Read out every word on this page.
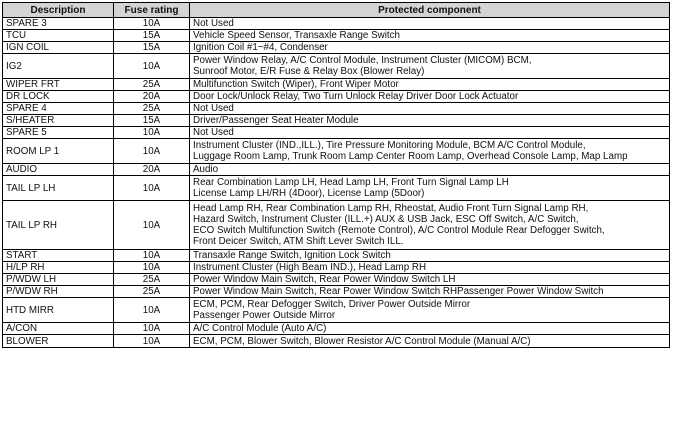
Description	Fuse rating	Protected component
SPARE 3	10A	Not Used
TCU	15A	Vehicle Speed Sensor, Transaxle Range Switch
IGN COIL	15A	Ignition Coil #1~#4, Condenser
IG2	10A	Power Window Relay, A/C Control Module, Instrument Cluster (MICOM) BCM,
Sunroof Motor, E/R Fuse & Relay Box (Blower Relay)
WIPER FRT	25A	Multifunction Switch (Wiper), Front Wiper Motor
DR LOCK	20A	Door Lock/Unlock Relay, Two Turn Unlock Relay Driver Door Lock Actuator
SPARE 4	25A	Not Used
S/HEATER	15A	Driver/Passenger Seat Heater Module
SPARE 5	10A	Not Used
ROOM LP 1	10A	Instrument Cluster (IND.,ILL.), Tire Pressure Monitoring Module, BCM A/C Control Module,
Luggage Room Lamp, Trunk Room Lamp Center Room Lamp, Overhead Console Lamp, Map Lamp
AUDIO	20A	Audio
TAIL LP LH	10A	Rear Combination Lamp LH, Head Lamp LH, Front Turn Signal Lamp LH
License Lamp LH/RH (4Door), License Lamp (5Door)
TAIL LP RH	10A	Head Lamp RH, Rear Combination Lamp RH, Rheostat, Audio Front Turn Signal Lamp RH,
Hazard Switch, Instrument Cluster (ILL.+) AUX & USB Jack, ESC Off Switch, A/C Switch,
ECO Switch Multifunction Switch (Remote Control), A/C Control Module Rear Defogger Switch,
Front Deicer Switch, ATM Shift Lever Switch ILL.
START	10A	Transaxle Range Switch, Ignition Lock Switch
H/LP RH	10A	Instrument Cluster (High Beam IND.), Head Lamp RH
P/WDW LH	25A	Power Window Main Switch, Rear Power Window Switch LH
P/WDW RH	25A	Power Window Main Switch, Rear Power Window Switch RHPassenger Power Window Switch
HTD MIRR	10A	ECM, PCM, Rear Defogger Switch, Driver Power Outside Mirror
Passenger Power Outside Mirror
A/CON	10A	A/C Control Module (Auto A/C)
BLOWER	10A	ECM, PCM, Blower Switch, Blower Resistor A/C Control Module (Manual A/C)
